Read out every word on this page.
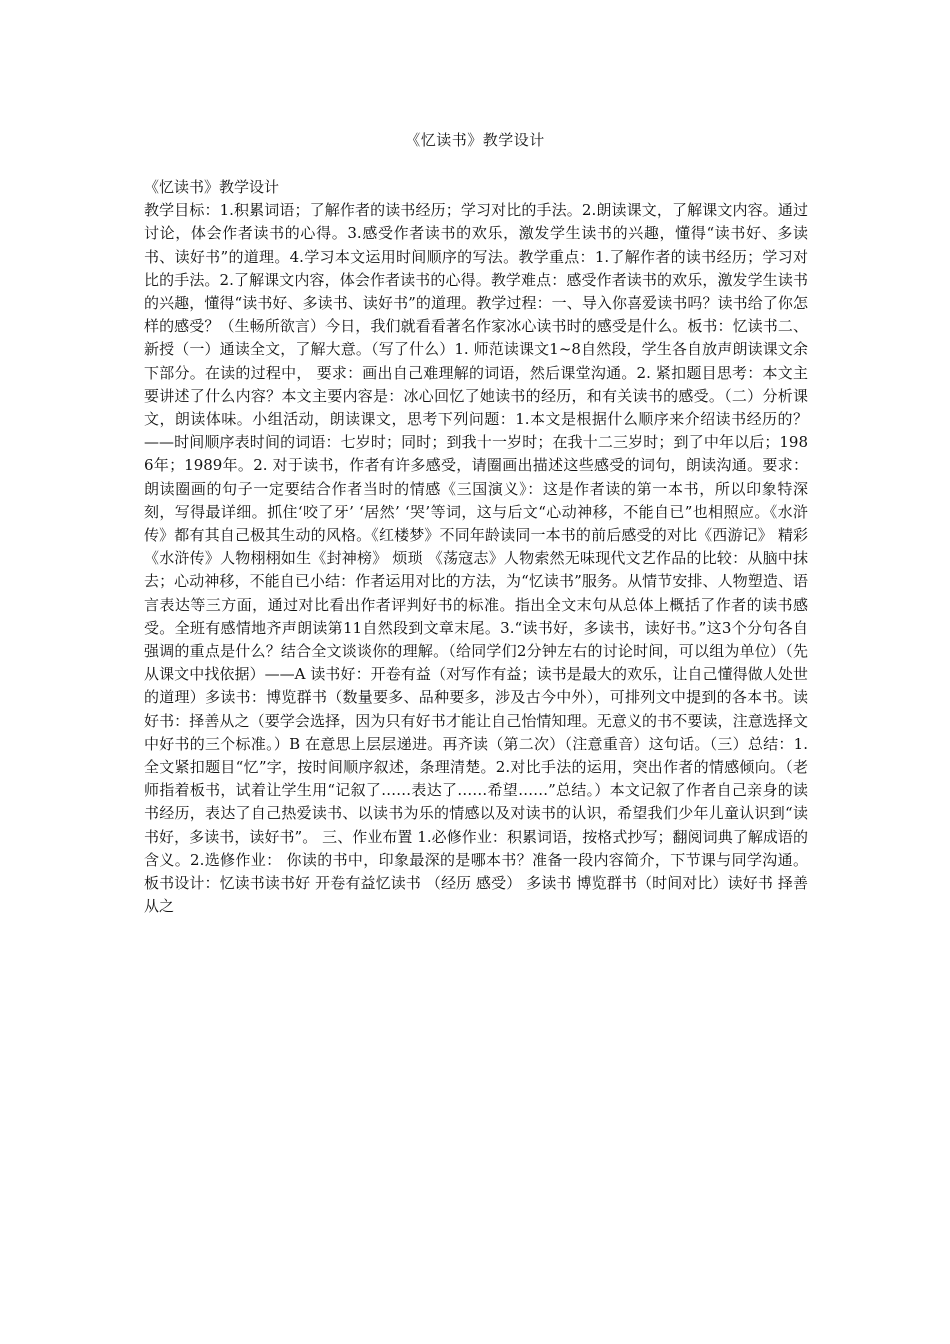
《忆读书》教学设计
《忆读书》教学设计
教学目标：1.积累词语；了解作者的读书经历；学习对比的手法。2.朗读课文，了解课文内容。通过讨论，体会作者读书的心得。3.感受作者读书的欢乐，激发学生读书的兴趣，懂得“读书好、多读书、读好书”的道理。4.学习本文运用时间顺序的写法。教学重点：1.了解作者的读书经历；学习对比的手法。2.了解课文内容，体会作者读书的心得。教学难点：感受作者读书的欢乐，激发学生读书的兴趣，懂得“读书好、多读书、读好书”的道理。教学过程：一、导入你喜爱读书吗？读书给了你怎样的感受？（生畅所欲言）今日，我们就看看著名作家冰心读书时的感受是什么。板书：忆读书二、新授（一）通读全文，了解大意。（写了什么）1. 师范读课文1~8自然段，学生各自放声朗读课文余下部分。在读的过程中， 要求：画出自己难理解的词语，然后课堂沟通。2. 紧扣题目思考：本文主要讲述了什么内容？本文主要内容是：冰心回忆了她读书的经历，和有关读书的感受。（二）分析课文，朗读体味。小组活动，朗读课文，思考下列问题：1.本文是根据什么顺序来介绍读书经历的？——时间顺序表时间的词语：七岁时；同时；到我十一岁时；在我十二三岁时；到了中年以后；1986年；1989年。2. 对于读书，作者有许多感受，请圈画出描述这些感受的词句，朗读沟通。要求：朗读圈画的句子一定要结合作者当时的情感《三国演义》：这是作者读的第一本书，所以印象特深刻，写得最详细。抓住‘咬了牙’ ‘居然’ ‘哭’等词，这与后文“心动神移，不能自已”也相照应。《水浒传》都有其自己极其生动的风格。《红楼梦》不同年龄读同一本书的前后感受的对比《西游记》 精彩 《水浒传》人物栩栩如生《封神榜》 烦琐 《荡寇志》人物索然无味现代文艺作品的比较：从脑中抹去；心动神移，不能自已小结：作者运用对比的方法，为“忆读书”服务。从情节安排、人物塑造、语言表达等三方面，通过对比看出作者评判好书的标准。指出全文末句从总体上概括了作者的读书感受。全班有感情地齐声朗读第11自然段到文章末尾。3.“读书好，多读书，读好书。”这3个分句各自强调的重点是什么？结合全文谈谈你的理解。（给同学们2分钟左右的讨论时间，可以组为单位）（先从课文中找依据）——A 读书好：开卷有益（对写作有益；读书是最大的欢乐，让自己懂得做人处世的道理）多读书：博览群书（数量要多、品种要多，涉及古今中外），可排列文中提到的各本书。读好书：择善从之（要学会选择，因为只有好书才能让自己怡情知理。无意义的书不要读，注意选择文中好书的三个标准。）B 在意思上层层递进。再齐读（第二次）（注意重音）这句话。（三）总结：1.全文紧扣题目“忆”字，按时间顺序叙述，条理清楚。2.对比手法的运用，突出作者的情感倾向。（老师指着板书，试着让学生用“记叙了……表达了……希望……”总结。）本文记叙了作者自己亲身的读书经历，表达了自己热爱读书、以读书为乐的情感以及对读书的认识，希望我们少年儿童认识到“读书好，多读书，读好书”。 三、作业布置 1.必修作业：积累词语，按格式抄写；翻阅词典了解成语的含义。2.选修作业： 你读的书中，印象最深的是哪本书？准备一段内容简介，下节课与同学沟通。板书设计：忆读书读书好 开卷有益忆读书 （经历 感受） 多读书 博览群书（时间对比）读好书 择善从之
